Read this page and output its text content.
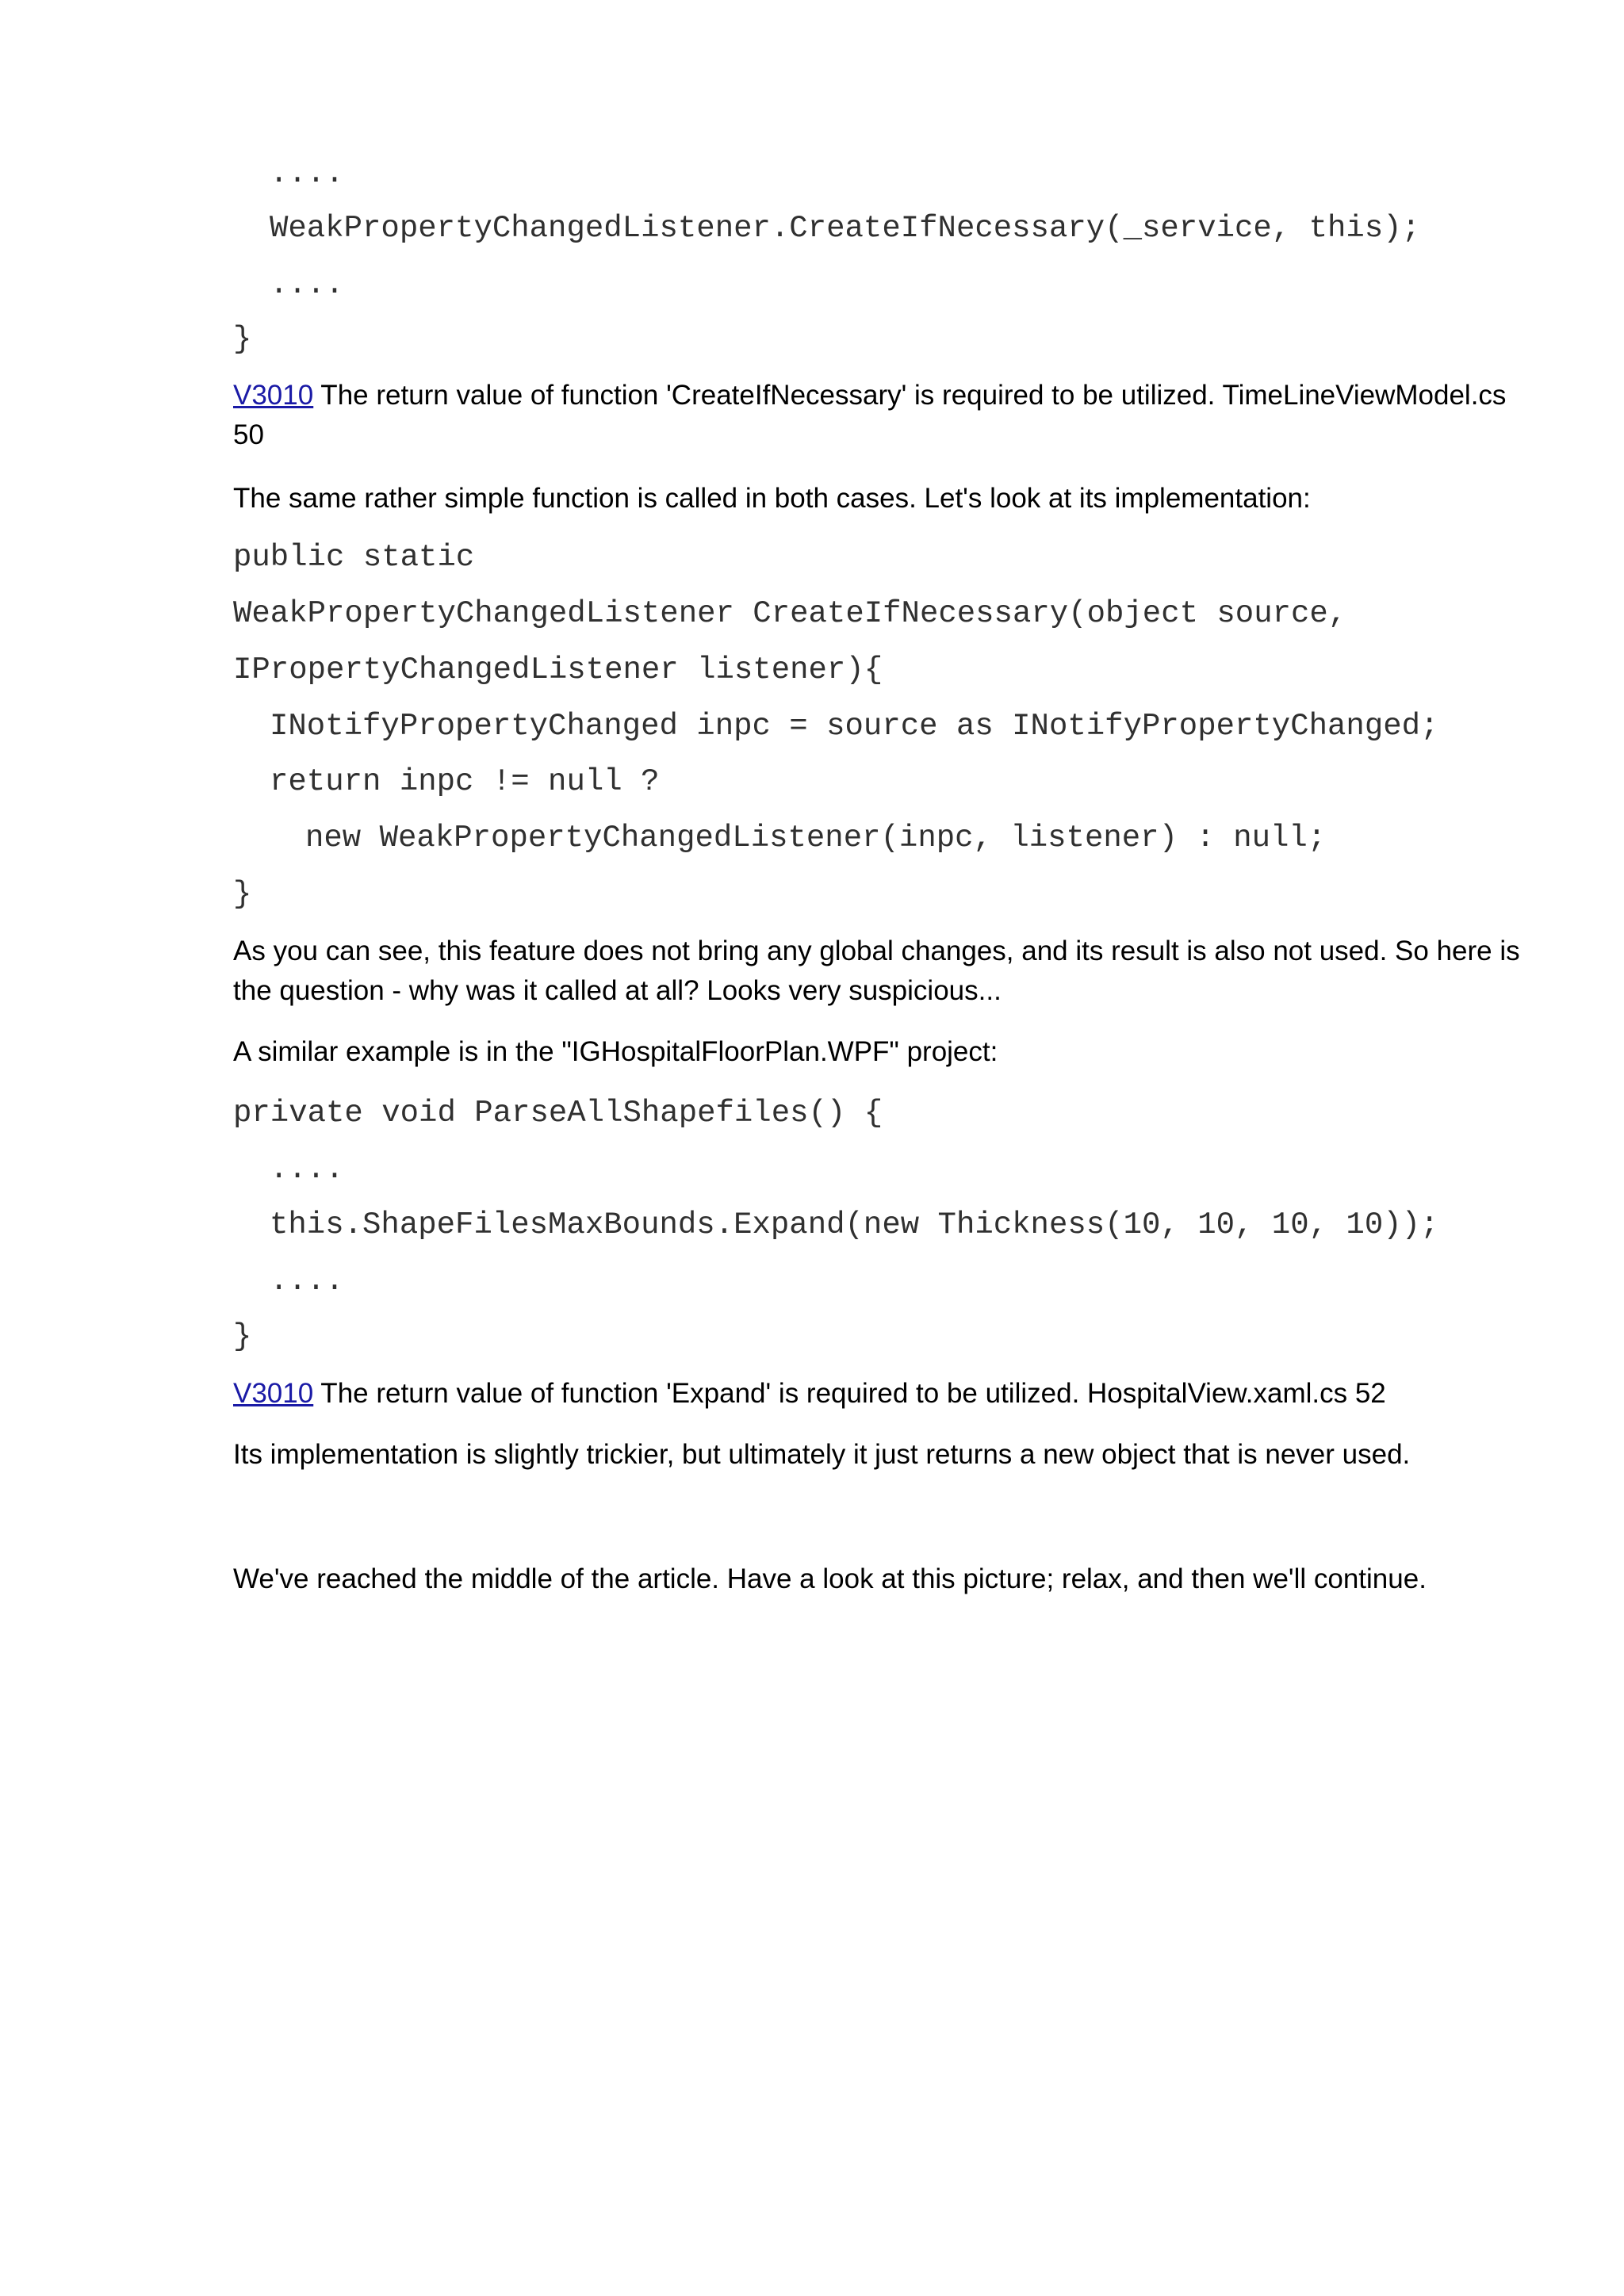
....
WeakPropertyChangedListener.CreateIfNecessary(_service, this);
....
}

V3010 The return value of function 'CreateIfNecessary' is required to be utilized. TimeLineViewModel.cs 50

The same rather simple function is called in both cases. Let's look at its implementation:

public static
WeakPropertyChangedListener CreateIfNecessary(object source,
IPropertyChangedListener listener){
INotifyPropertyChanged inpc = source as INotifyPropertyChanged;
return inpc != null ?
new WeakPropertyChangedListener(inpc, listener) : null;
}

As you can see, this feature does not bring any global changes, and its result is also not used. So here is the question - why was it called at all? Looks very suspicious...

A similar example is in the "IGHospitalFloorPlan.WPF" project:

private void ParseAllShapefiles() {
....
this.ShapeFilesMaxBounds.Expand(new Thickness(10, 10, 10, 10));
....
}

V3010 The return value of function 'Expand' is required to be utilized. HospitalView.xaml.cs 52

Its implementation is slightly trickier, but ultimately it just returns a new object that is never used.

We've reached the middle of the article. Have a look at this picture; relax, and then we'll continue.
